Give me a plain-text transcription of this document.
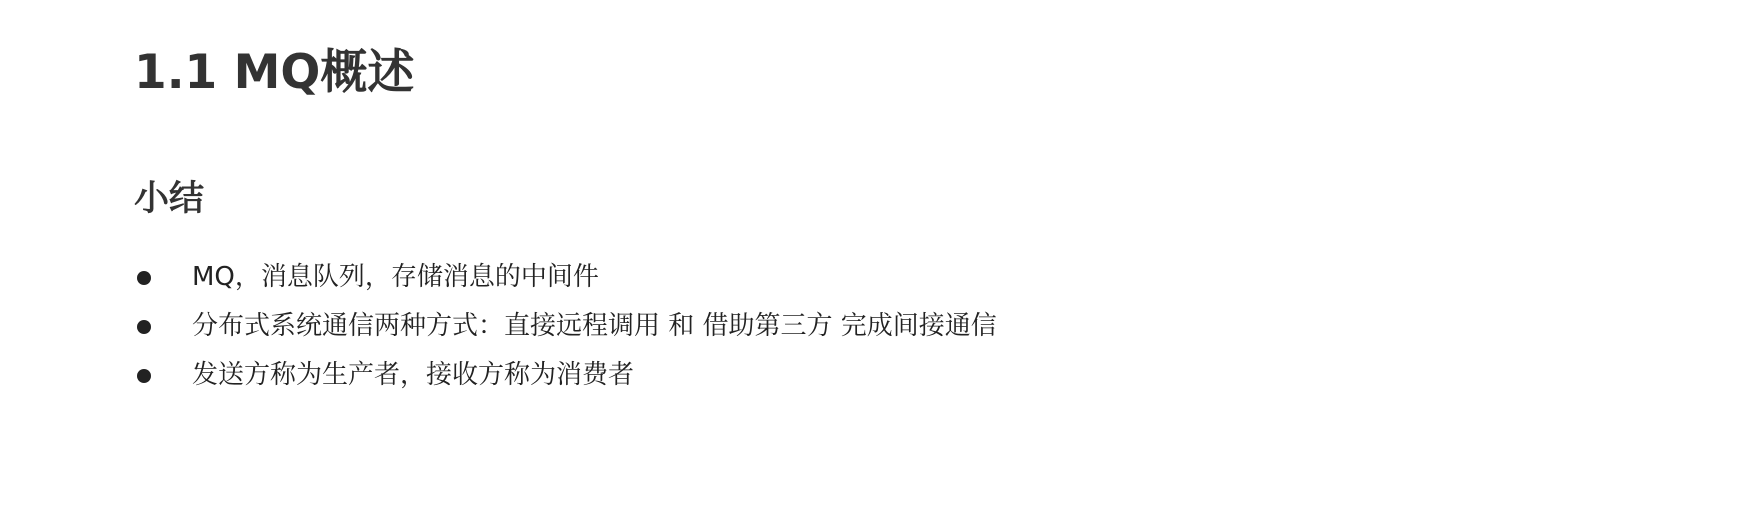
1.1 MQ概述
小结
MQ，消息队列，存储消息的中间件
分布式系统通信两种方式：直接远程调用 和 借助第三方 完成间接通信
发送方称为生产者，接收方称为消费者
